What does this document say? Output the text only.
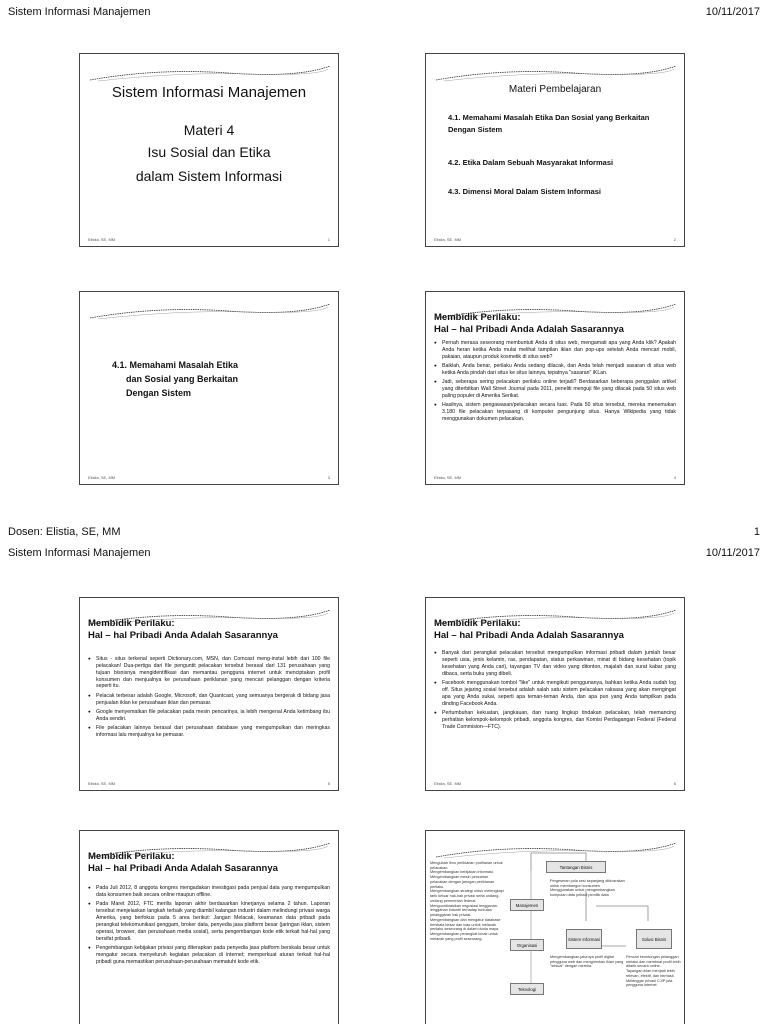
Sistem Informasi Manajemen	10/11/2017
Sistem Informasi Manajemen
Materi 4
Isu Sosial dan Etika
dalam Sistem Informasi
Elistia, SE, MM	1
Materi Pembelajaran
4.1. Memahami Masalah Etika Dan Sosial yang Berkaitan Dengan Sistem
4.2. Etika Dalam Sebuah Masyarakat Informasi
4.3. Dimensi Moral Dalam Sistem Informasi
Elistia, SE, MM	2
4.1. Memahami Masalah Etika
dan Sosial yang Berkaitan
Dengan Sistem
Elistia, SE, MM	3
Membidik Perilaku:
Hal – hal Pribadi Anda Adalah Sasarannya
● Pernah merasa seseorang membuntuti Anda di situs web, mengamati apa yang Anda klik? Apakah Anda heran ketika Anda mulai melihat tampilan iklan dan pop-ups setelah Anda mencari mobil, pakaian, ataupun produk kosmetik di situs web?
● Baiklah, Anda benar, perilaku Anda sedang dilacak, dan Anda telah menjadi sasaran di situs web ketika Anda pindah dari situs ke situs lainnya, tepatnya "sasaran" iKLan.
● Jadi, seberapa sering pelacakan perilaku online terjadi? Berdasarkan beberapa penggalan artikel yang diterbitkan Wall Street Journal pada 2011, peneliti menguji file yang dilacak pada 50 situs web paling populer di Amerika Serikat.
● Hasilnya, sistem pengawasan/pelacakan secara luas. Pada 50 situs tersebut, mereka menemukan 3.180 file pelacakan terpasang di komputer pengunjung situs. Hanya Wikipedia yang tidak menggunakan dokumen pelacakan.
Elistia, SE, MM	4
Dosen: Elistia, SE, MM	1
Sistem Informasi Manajemen	10/11/2017
Membidik Perilaku:
Hal – hal Pribadi Anda Adalah Sasarannya
● Situs - situs terkenal seperti Dictionary.com, MSN, dan Comcast meng-instal lebih dari 100 file pelacakan! Dua-pertiga dari file penguntit pelacakan tersebut berasal dari 131 perusahaan yang tujuan bisnisnya mengidentifikasi dan memantau pengguna internet untuk menciptakan profil konsumen dan menjualnya ke perusahaan periklanan yang mencari pelanggan dengan kriteria seperti itu.
● Pelacak terbesar adalah Google, Microsoft, dan Quantcast, yang semuanya bergerak di bidang jasa penjualan iklan ke perusahaan iklan dan pemasar.
● Google menyematkan file pelacakan pada mesin pencarinya, ia lebih mengenal Anda ketimbang ibu Anda sendiri.
● File pelacakan lainnya berasal dari perusahaan database yang mengumpulkan dan meringkas informasi lalu menjualnya ke pemasar.
Elistia, SE, MM	5
Membidik Perilaku:
Hal – hal Pribadi Anda Adalah Sasarannya
● Banyak dari perangkat pelacakan tersebut mengumpulkan informasi pribadi dalam jumlah besar seperti usia, jenis kelamin, ras, pendapatan, status perkawinan, minat di bidang kesehatan (topik kesehatan yang Anda cari), tayangan TV dan video yang ditonton, majalah dan surat kabar yang dibaca, serta buku yang dibeli.
● Facebook menggunakan tombol "like" untuk mengikuti penggunanya, bahkan ketika Anda sudah log off. Situs jejaring sosial tersebut adalah salah satu sistem pelacakan raksasa yang akan mengingat apa yang Anda sukai, seperti apa teman-teman Anda, dan apa pun yang Anda tampilkan pada dinding Facebook Anda.
● Pertumbuhan kekuatan, jangkauan, dan ruang lingkup tindakan pelacakan, telah memancing perhatian kelompok-kelompok pribadi, anggota kongres, dan Komisi Perdagangan Federal (Federal Trade Commision—FTC).
Elistia, SE, MM	6
Membidik Perilaku:
Hal – hal Pribadi Anda Adalah Sasarannya
● Pada Juli 2012, 8 anggota kongres mengadakan investigasi pada penjual data yang mengumpulkan data konsumen baik secara online maupun offline.
● Pada Maret 2012, FTC merilis laporan akhir berdasarkan kinerjanya selama 2 tahun. Laporan tersebut menjelaskan langkah terbaik yang diambil kalangan industri dalam melindungi privasi warga Amerika, yang berfokus pada 5 area berikut: Jangan Melacak, keamanan data pribadi pada perangkat telekomunikasi genggam, broker data, penyedia jasa platform besar (jaringan iklan, sistem operasi, browser, dan perusahaan media sosial), serta pengembangan kode etik terkait hal-hal yang bersifat pribadi.
● Pengembangan kebijakan privasi yang diterapkan pada penyedia jasa platform berskala besar untuk mengatur secara menyeluruh kegiatan pelacakan di internet; memperkuat aturan terkait hal-hal pribadi guna memastikan perusahaan-perusahaan mematuhi kode etik.
Tantangan Bisnis
Manajemen
Organisasi
Teknologi
Sistem Informasi	Solusi Bisnis
Mengubah ilmu periklanan profilanan untuk pelacakan.
Mengembangkan kebijakan informasi.
Mengembangkan mesin pencarian pelacakan dengan jaringan periklanan perilaku.
Mengembangkan strategi untuk melengkapi tarik keluar hak-hak privasi serta undang-undang pemerintah federal.
Mengoordinasikan negosiasi lengganan-lengganan industri terhadap tuntutan pelanggaran hak privasi.
Mengembangkan dan mengatur database berskala besar dan luas untuk melacak perilaku seseorang di dalam dunia maya.
Mengembangkan perangkat lunak untuk melacak yang profil seseorang.
Pergeseran pola sesi sepanjang dibicarakan untuk membangun konsumen
Menggunakan untuk mengembangkan kumpulan data pribadi pemilik data
Mengembangkan jalurnya profil digital pengguna web dan mengirimkan iklan yang "sesuai" dengan mereka.
Pencari keuntungan pelanggan melalui dan membuat profil lebih ditarik secara online.
Tayangan iklan menjadi lebih relevan, efektif, dan berhasil.
Melanggar privasi CJIP juta pengguna internet
